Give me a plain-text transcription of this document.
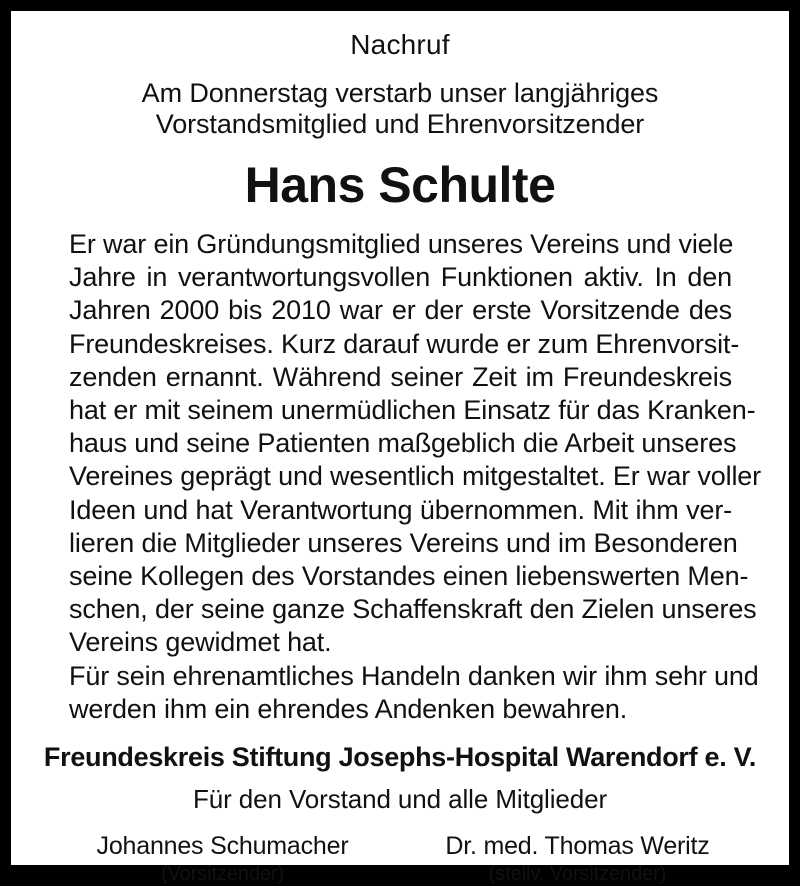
Nachruf
Am Donnerstag verstarb unser langjähriges
Vorstandsmitglied und Ehrenvorsitzender
Hans Schulte
Er war ein Gründungsmitglied unseres Vereins und viele
Jahre in verantwortungsvollen Funktionen aktiv. In den
Jahren 2000 bis 2010 war er der erste Vorsitzende des
Freundeskreises. Kurz darauf wurde er zum Ehrenvorsit-
zenden ernannt. Während seiner Zeit im Freundeskreis
hat er mit seinem unermüdlichen Einsatz für das Kranken-
haus und seine Patienten maßgeblich die Arbeit unseres
Vereines geprägt und wesentlich mitgestaltet. Er war voller
Ideen und hat Verantwortung übernommen. Mit ihm ver-
lieren die Mitglieder unseres Vereins und im Besonderen
seine Kollegen des Vorstandes einen liebenswerten Men-
schen, der seine ganze Schaffenskraft den Zielen unseres
Vereins gewidmet hat.
Für sein ehrenamtliches Handeln danken wir ihm sehr und
werden ihm ein ehrendes Andenken bewahren.
Freundeskreis Stiftung Josephs-Hospital Warendorf e. V.
Für den Vorstand und alle Mitglieder
Johannes Schumacher
(Vorsitzender)
Dr. med. Thomas Weritz
(stellv. Vorsitzender)
